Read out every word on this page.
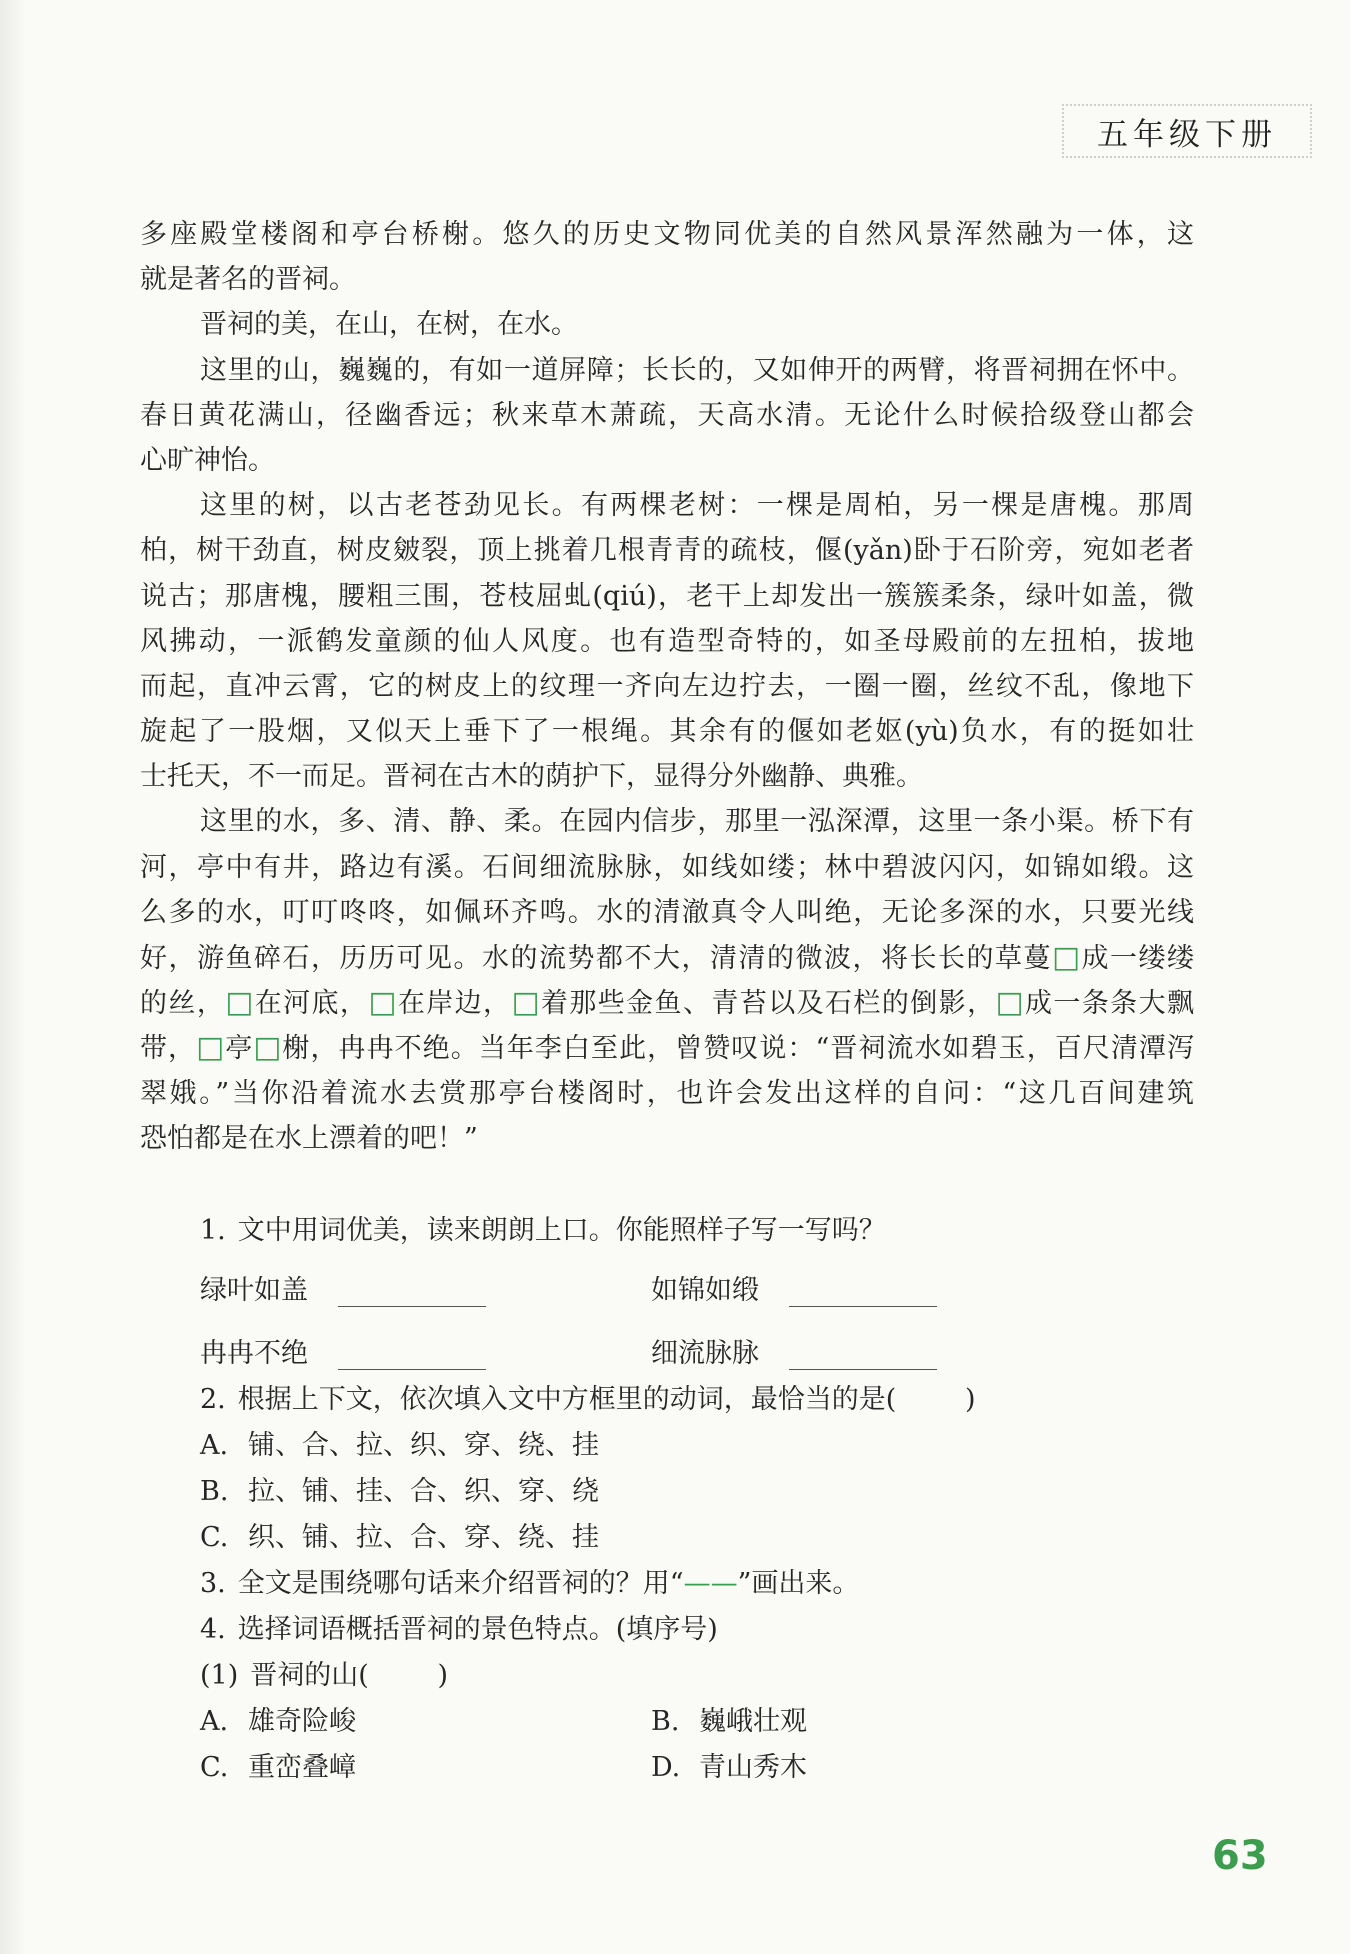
五年级下册
多座殿堂楼阁和亭台桥榭。悠久的历史文物同优美的自然风景浑然融为一体，这
就是著名的晋祠。
晋祠的美，在山，在树，在水。
这里的山，巍巍的，有如一道屏障；长长的，又如伸开的两臂，将晋祠拥在怀中。
春日黄花满山，径幽香远；秋来草木萧疏，天高水清。无论什么时候拾级登山都会
心旷神怡。
这里的树，以古老苍劲见长。有两棵老树：一棵是周柏，另一棵是唐槐。那周
柏，树干劲直，树皮皴裂，顶上挑着几根青青的疏枝，偃(yǎn)卧于石阶旁，宛如老者
说古；那唐槐，腰粗三围，苍枝屈虬(qiú)，老干上却发出一簇簇柔条，绿叶如盖，微
风拂动，一派鹤发童颜的仙人风度。也有造型奇特的，如圣母殿前的左扭柏，拔地
而起，直冲云霄，它的树皮上的纹理一齐向左边拧去，一圈一圈，丝纹不乱，像地下
旋起了一股烟，又似天上垂下了一根绳。其余有的偃如老妪(yù)负水，有的挺如壮
士托天，不一而足。晋祠在古木的荫护下，显得分外幽静、典雅。
这里的水，多、清、静、柔。在园内信步，那里一泓深潭，这里一条小渠。桥下有
河，亭中有井，路边有溪。石间细流脉脉，如线如缕；林中碧波闪闪，如锦如缎。这
么多的水，叮叮咚咚，如佩环齐鸣。水的清澈真令人叫绝，无论多深的水，只要光线
好，游鱼碎石，历历可见。水的流势都不大，清清的微波，将长长的草蔓□成一缕缕
的丝，□在河底，□在岸边，□着那些金鱼、青苔以及石栏的倒影，□成一条条大飘
带，□亭□榭，冉冉不绝。当年李白至此，曾赞叹说：“晋祠流水如碧玉，百尺清潭泻
翠娥。”当你沿着流水去赏那亭台楼阁时，也许会发出这样的自问：“这几百间建筑
恐怕都是在水上漂着的吧！”
1. 文中用词优美，读来朗朗上口。你能照样子写一写吗？
绿叶如盖	如锦如缎
冉冉不绝	细流脉脉
2. 根据上下文，依次填入文中方框里的动词，最恰当的是(        )
A. 铺、合、拉、织、穿、绕、挂
B. 拉、铺、挂、合、织、穿、绕
C. 织、铺、拉、合、穿、绕、挂
3. 全文是围绕哪句话来介绍晋祠的？用“——”画出来。
4. 选择词语概括晋祠的景色特点。(填序号)
(1) 晋祠的山(        )
A. 雄奇险峻	B. 巍峨壮观
C. 重峦叠嶂	D. 青山秀木
63
